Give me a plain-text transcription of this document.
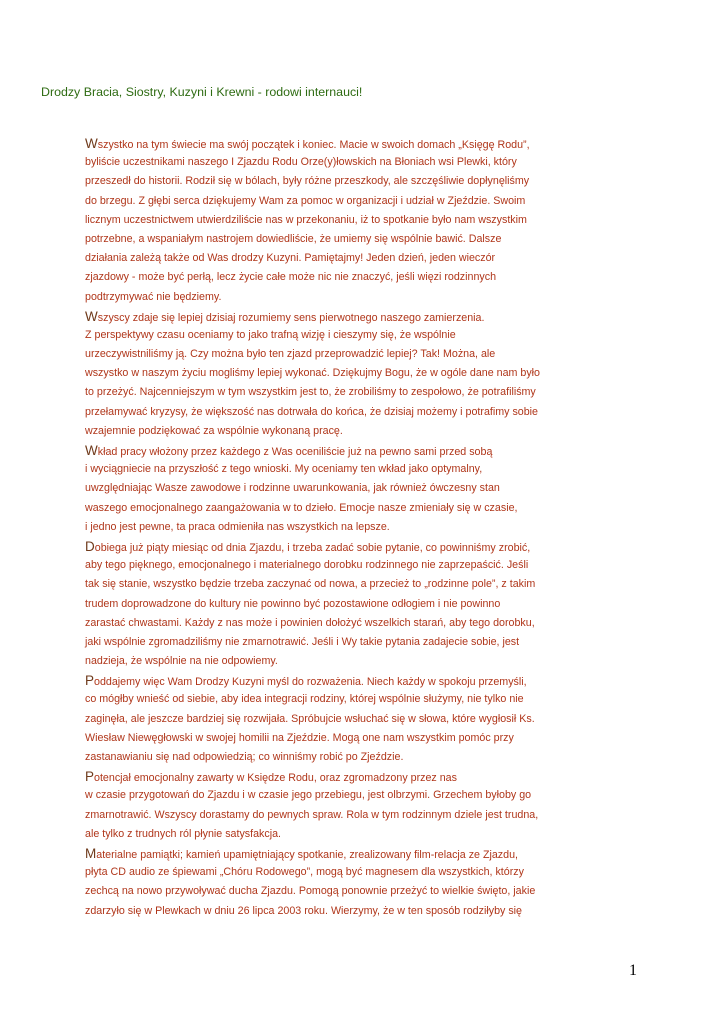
Drodzy Bracia, Siostry, Kuzyni i Krewni - rodowi internauci!
Wszystko na tym świecie ma swój początek i koniec. Macie w swoich domach „Księgę Rodu”,
byliście uczestnikami naszego I Zjazdu Rodu Orze(y)łowskich na Błoniach wsi Plewki, który
przeszedł do historii. Rodził się w bólach, były różne przeszkody, ale szczęśliwie dopłynęliśmy
do brzegu. Z głębi serca dziękujemy Wam za pomoc w organizacji i udział w Zjeździe. Swoim
licznym uczestnictwem utwierdziliście nas w przekonaniu, iż to spotkanie było nam wszystkim
potrzebne, a wspaniałym nastrojem dowiedliście, że umiemy się wspólnie bawić. Dalsze
działania zależą także od Was drodzy Kuzyni. Pamiętajmy! Jeden dzień, jeden wieczór
zjazdowy - może być perłą, lecz życie całe może nic nie znaczyć, jeśli więzi rodzinnych
podtrzymywać nie będziemy.
Wszyscy zdaje się lepiej dzisiaj rozumiemy sens pierwotnego naszego zamierzenia.
Z perspektywy czasu oceniamy to jako trafną wizję i cieszymy się, że wspólnie
urzeczywistniliśmy ją. Czy można było ten zjazd przeprowadzić lepiej? Tak! Można, ale
wszystko w naszym życiu mogliśmy lepiej wykonać. Dziękujmy Bogu, że w ogóle dane nam było
to przeżyć. Najcenniejszym w tym wszystkim jest to, że zrobiliśmy to zespołowo, że potrafiliśmy
przełamywać kryzysy, że większość nas dotrwała do końca, że dzisiaj możemy i potrafimy sobie
wzajemnie podziękować za wspólnie wykonaną pracę.
Wkład pracy włożony przez każdego z Was oceniliście już na pewno sami przed sobą
i wyciągniecie na przyszłość z tego wnioski. My oceniamy ten wkład jako optymalny,
uwzględniając Wasze zawodowe i rodzinne uwarunkowania, jak również ówczesny stan
waszego emocjonalnego zaangażowania w to dzieło. Emocje nasze zmieniały się w czasie,
i jedno jest pewne, ta praca odmieniła nas wszystkich na lepsze.
Dobiega już piąty miesiąc od dnia Zjazdu, i trzeba zadać sobie pytanie, co powinniśmy zrobić,
aby tego pięknego, emocjonalnego i materialnego dorobku rodzinnego nie zaprzepaścić. Jeśli
tak się stanie, wszystko będzie trzeba zaczynać od nowa, a przecież to „rodzinne pole”, z takim
trudem doprowadzone do kultury nie powinno być pozostawione odłogiem i nie powinno
zarastać chwastami. Każdy z nas może i powinien dołożyć wszelkich starań, aby tego dorobku,
jaki wspólnie zgromadziliśmy nie zmarnotrawić. Jeśli i Wy takie pytania zadajecie sobie, jest
nadzieja, że wspólnie na nie odpowiemy.
Poddajemy więc Wam Drodzy Kuzyni myśl do rozważenia. Niech każdy w spokoju przemyśli,
co mógłby wnieść od siebie, aby idea integracji rodziny, której wspólnie służymy, nie tylko nie
zaginęła, ale jeszcze bardziej się rozwijała. Spróbujcie wsłuchać się w słowa, które wygłosił Ks.
Wiesław Niewęgłowski w swojej homilii na Zjeździe. Mogą one nam wszystkim pomóc przy
zastanawianiu się nad odpowiedzią; co winniśmy robić po Zjeździe.
Potencjał emocjonalny zawarty w Księdze Rodu, oraz zgromadzony przez nas
w czasie przygotowań do Zjazdu i w czasie jego przebiegu, jest olbrzymi. Grzechem byłoby go
zmarnotrawić. Wszyscy dorastamy do pewnych spraw. Rola w tym rodzinnym dziele jest trudna,
ale tylko z trudnych ról płynie satysfakcja.
Materialne pamiątki; kamień upamiętniający spotkanie, zrealizowany film-relacja ze Zjazdu,
płyta CD audio ze śpiewami „Chóru Rodowego”, mogą być magnesem dla wszystkich, którzy
zechcą na nowo przywoływać ducha Zjazdu. Pomogą ponownie przeżyć to wielkie święto, jakie
zdarzyło się w Plewkach w dniu 26 lipca 2003 roku. Wierzymy, że w ten sposób rodziłyby się
1
